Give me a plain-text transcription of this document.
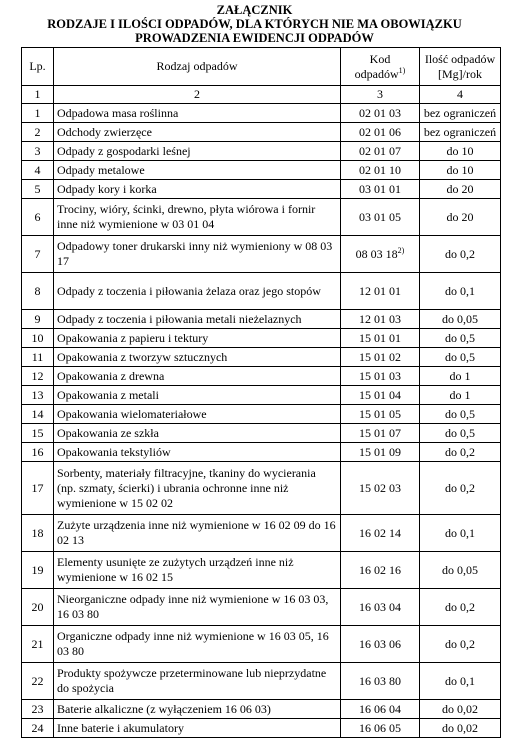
ZAŁĄCZNIK
RODZAJE I ILOŚCI ODPADÓW, DLA KTÓRYCH NIE MA OBOWIĄZKU
PROWADZENIA EWIDENCJI ODPADÓW
Lp.	Rodzaj odpadów	Kod odpadów$^{1)}$	Ilość odpadów [Mg]/rok
1	2	3	4
1	Odpadowa masa roślinna	02 01 03	bez ograniczeń
2	Odchody zwierzęce	02 01 06	bez ograniczeń
3	Odpady z gospodarki leśnej	02 01 07	do 10
4	Odpady metalowe	02 01 10	do 10
5	Odpady kory i korka	03 01 01	do 20
6	Trociny, wióry, ścinki, drewno, płyta wiórowa i fornir inne niż wymienione w 03 01 04	03 01 05	do 20
7	Odpadowy toner drukarski inny niż wymieniony w 08 03 17	08 03 18$^{2)}$	do 0,2
8	Odpady z toczenia i piłowania żelaza oraz jego stopów	12 01 01	do 0,1
9	Odpady z toczenia i piłowania metali nieżelaznych	12 01 03	do 0,05
10	Opakowania z papieru i tektury	15 01 01	do 0,5
11	Opakowania z tworzyw sztucznych	15 01 02	do 0,5
12	Opakowania z drewna	15 01 03	do 1
13	Opakowania z metali	15 01 04	do 1
14	Opakowania wielomateriałowe	15 01 05	do 0,5
15	Opakowania ze szkła	15 01 07	do 0,5
16	Opakowania tekstyliów	15 01 09	do 0,2
17	Sorbenty, materiały filtracyjne, tkaniny do wycierania (np. szmaty, ścierki) i ubrania ochronne inne niż wymienione w 15 02 02	15 02 03	do 0,2
18	Zużyte urządzenia inne niż wymienione w 16 02 09 do 16 02 13	16 02 14	do 0,1
19	Elementy usunięte ze zużytych urządzeń inne niż wymienione w 16 02 15	16 02 16	do 0,05
20	Nieorganiczne odpady inne niż wymienione w 16 03 03, 16 03 80	16 03 04	do 0,2
21	Organiczne odpady inne niż wymienione w 16 03 05, 16 03 80	16 03 06	do 0,2
22	Produkty spożywcze przeterminowane lub nieprzydatne do spożycia	16 03 80	do 0,1
23	Baterie alkaliczne (z wyłączeniem 16 06 03)	16 06 04	do 0,02
24	Inne baterie i akumulatory	16 06 05	do 0,02
